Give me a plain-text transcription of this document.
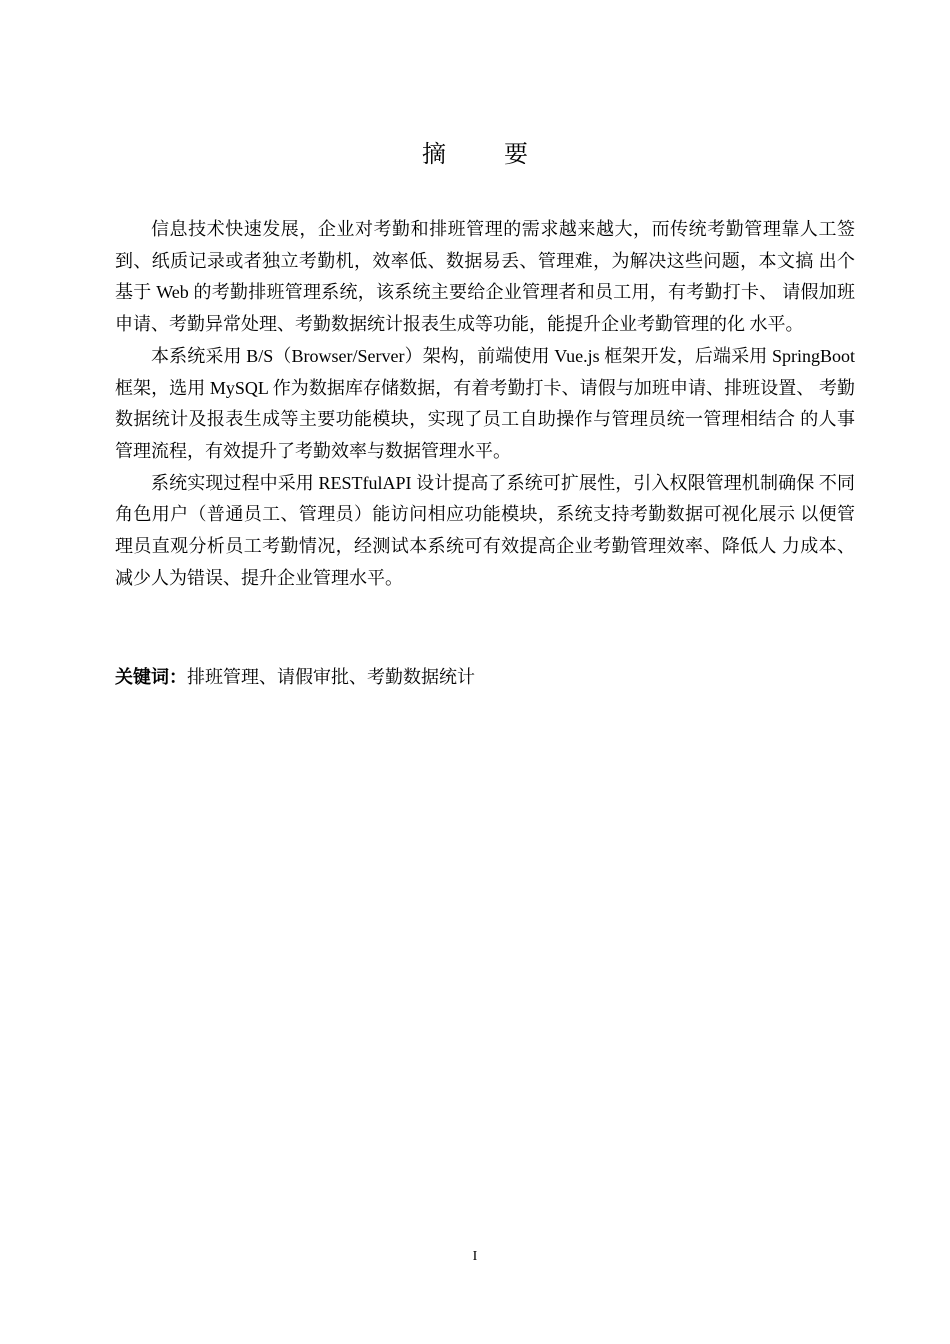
摘 要

信息技术快速发展，企业对考勤和排班管理的需求越来越大，而传统考勤管理靠人工签到、纸质记录或者独立考勤机，效率低、数据易丢、管理难，为解决这些问题，本文搞 出个基于 Web 的考勤排班管理系统，该系统主要给企业管理者和员工用，有考勤打卡、 请假加班申请、考勤异常处理、考勤数据统计报表生成等功能，能提升企业考勤管理的化 水平。

本系统采用 B/S（Browser/Server）架构，前端使用 Vue.js 框架开发，后端采用 SpringBoot 框架，选用 MySQL 作为数据库存储数据，有着考勤打卡、请假与加班申请、排班设置、 考勤数据统计及报表生成等主要功能模块，实现了员工自助操作与管理员统一管理相结合 的人事管理流程，有效提升了考勤效率与数据管理水平。

系统实现过程中采用 RESTfulAPI 设计提高了系统可扩展性，引入权限管理机制确保 不同角色用户（普通员工、管理员）能访问相应功能模块，系统支持考勤数据可视化展示 以便管理员直观分析员工考勤情况，经测试本系统可有效提高企业考勤管理效率、降低人 力成本、减少人为错误、提升企业管理水平。

关键词：排班管理、请假审批、考勤数据统计
I
